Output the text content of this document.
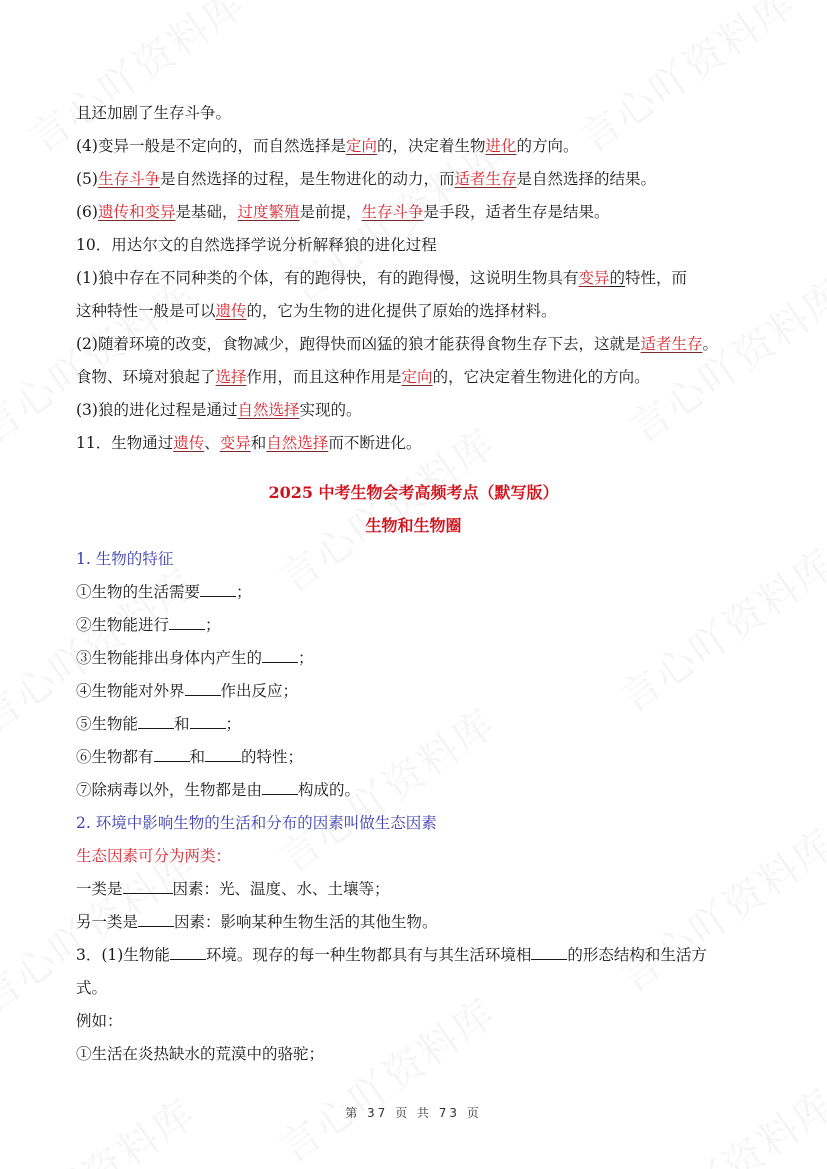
且还加剧了生存斗争。
(4)变异一般是不定向的，而自然选择是定向的，决定着生物进化的方向。
(5)生存斗争是自然选择的过程，是生物进化的动力，而适者生存是自然选择的结果。
(6)遗传和变异是基础，过度繁殖是前提，生存斗争是手段，适者生存是结果。
10．用达尔文的自然选择学说分析解释狼的进化过程
(1)狼中存在不同种类的个体，有的跑得快，有的跑得慢，这说明生物具有变异的特性，而
这种特性一般是可以遗传的，它为生物的进化提供了原始的选择材料。
(2)随着环境的改变，食物减少，跑得快而凶猛的狼才能获得食物生存下去，这就是适者生存。
食物、环境对狼起了选择作用，而且这种作用是定向的，它决定着生物进化的方向。
(3)狼的进化过程是通过自然选择实现的。
11．生物通过遗传、变异和自然选择而不断进化。
2025 中考生物会考高频考点（默写版）
生物和生物圈
1. 生物的特征
①生物的生活需要 ；
②生物能进行 ；
③生物能排出身体内产生的 ；
④生物能对外界 作出反应；
⑤生物能 和 ；
⑥生物都有 和 的特性；
⑦除病毒以外，生物都是由 构成的。
2. 环境中影响生物的生活和分布的因素叫做生态因素
生态因素可分为两类：
一类是	因素：光、温度、水、土壤等；
另一类是 因素：影响某种生物生活的其他生物。
3．(1)生物能 环境。现存的每一种生物都具有与其生活环境相 的形态结构和生活方
式。
例如：
①生活在炎热缺水的荒漠中的骆驼；
第 37 页 共 73 页
